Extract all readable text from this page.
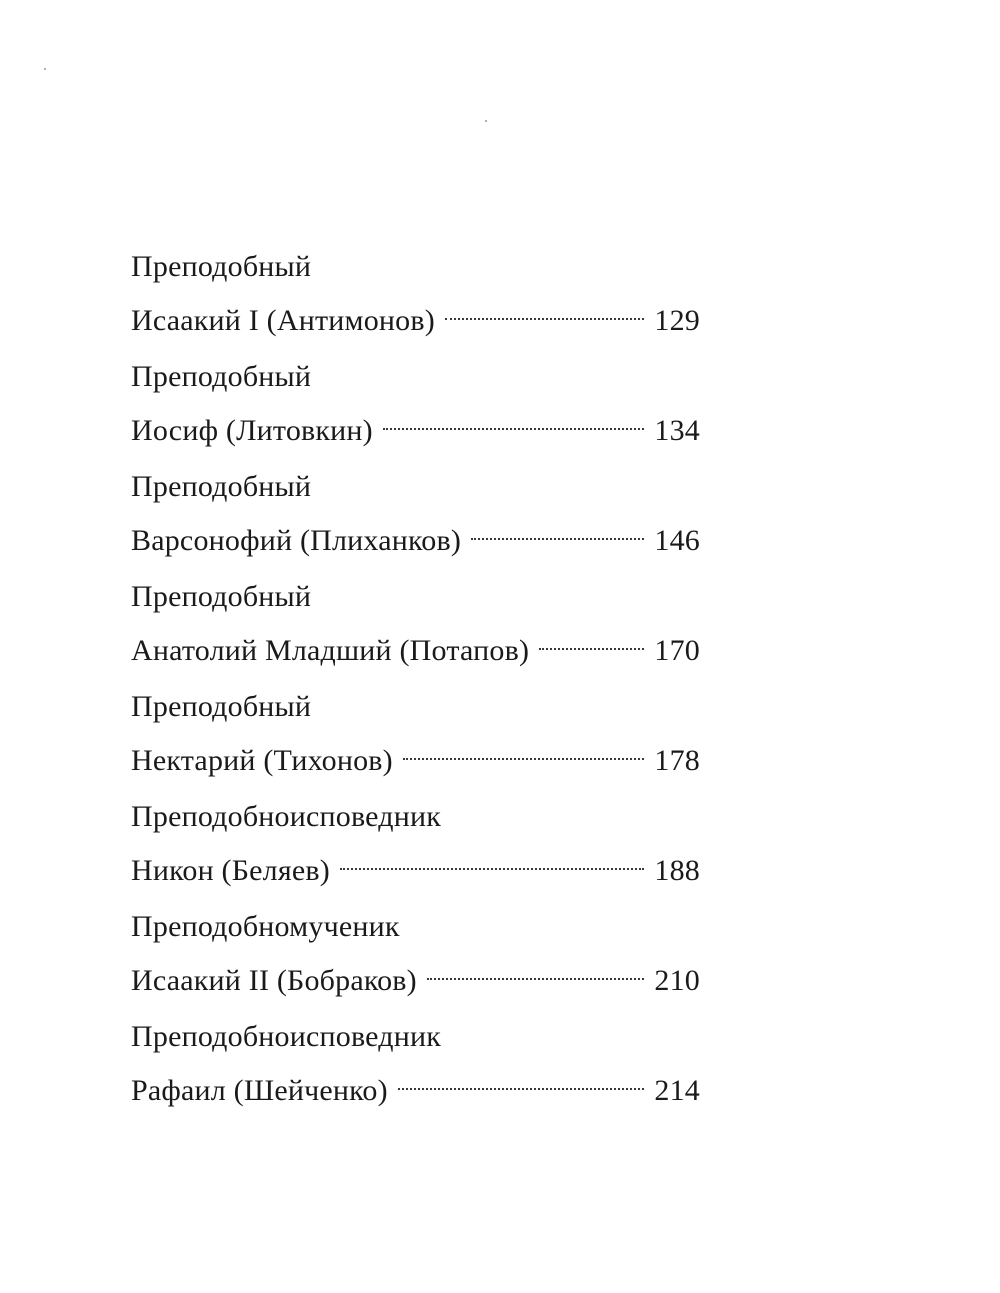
Преподобный
Исаакий I (Антимонов)	129
Преподобный
Иосиф (Литовкин)	134
Преподобный
Варсонофий (Плиханков)	146
Преподобный
Анатолий Младший (Потапов)	170
Преподобный
Нектарий (Тихонов)	178
Преподобноисповедник
Никон (Беляев)	188
Преподобномученик
Исаакий II (Бобраков)	210
Преподобноисповедник
Рафаил (Шейченко)	214
